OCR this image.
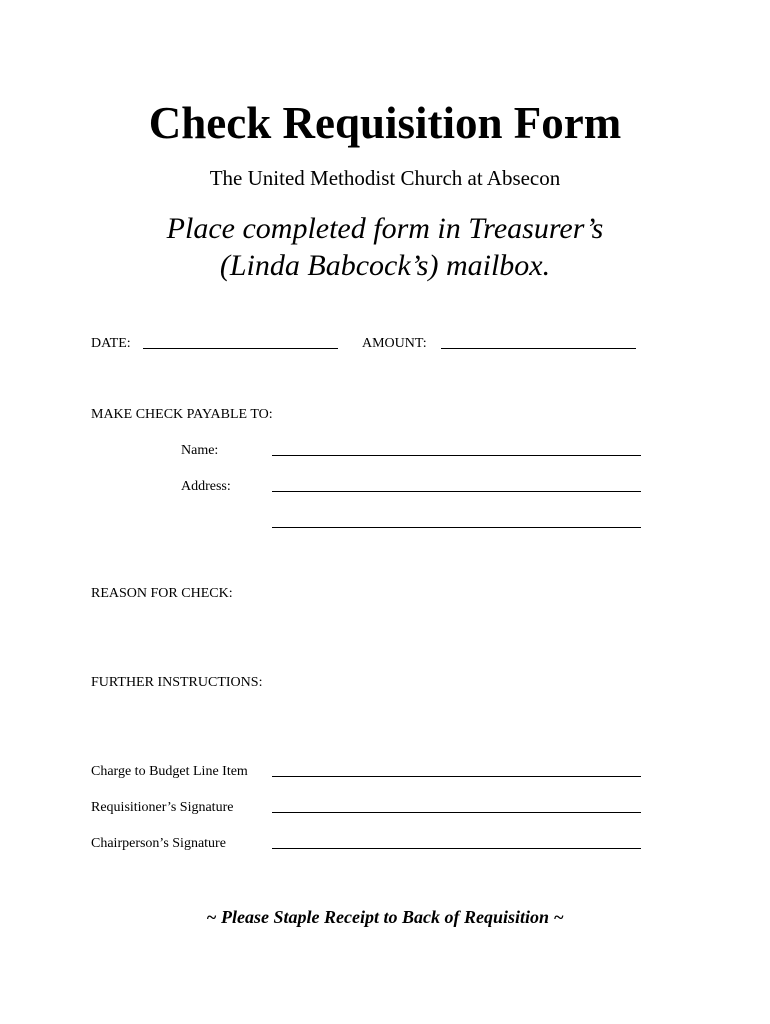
Check Requisition Form
The United Methodist Church at Absecon
Place completed form in Treasurer’s
(Linda Babcock’s) mailbox.
DATE:	AMOUNT:
MAKE CHECK PAYABLE TO:
Name:
Address:
REASON FOR CHECK:
FURTHER INSTRUCTIONS:
Charge to Budget Line Item
Requisitioner’s Signature
Chairperson’s Signature
~ Please Staple Receipt to Back of Requisition ~
